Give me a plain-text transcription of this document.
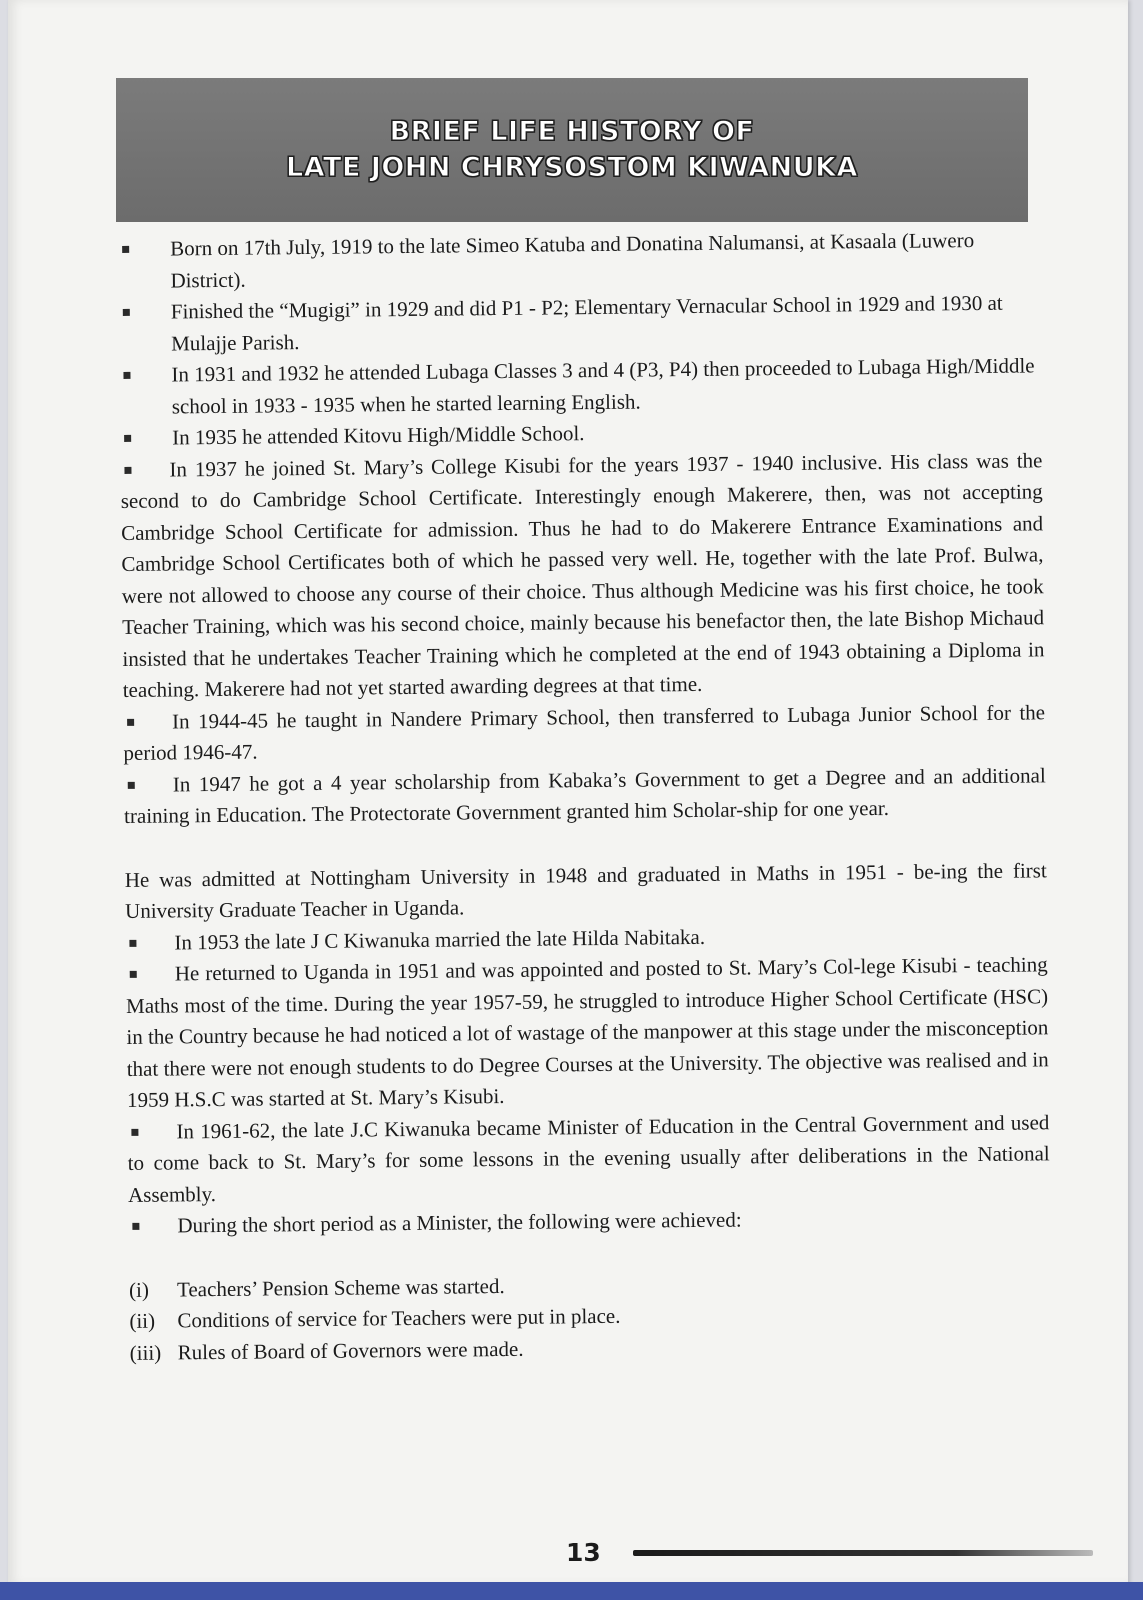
BRIEF LIFE HISTORY OF
LATE JOHN CHRYSOSTOM KIWANUKA

Born on 17th July, 1919 to the late Simeo Katuba and Donatina Nalumansi, at Kasaala (Luwero District).

Finished the “Mugigi” in 1929 and did P1 - P2; Elementary Vernacular School in 1929 and 1930 at Mulajje Parish.

In 1931 and 1932 he attended Lubaga Classes 3 and 4 (P3, P4) then proceeded to Lubaga High/Middle school in 1933 - 1935 when he started learning English.

In 1935 he attended Kitovu High/Middle School.

In 1937 he joined St. Mary’s College Kisubi for the years 1937 - 1940 inclusive. His class was the second to do Cambridge School Certificate. Interestingly enough Makerere, then, was not accepting Cambridge School Certificate for admission. Thus he had to do Makerere Entrance Examinations and Cambridge School Certificates both of which he passed very well. He, together with the late Prof. Bulwa, were not allowed to choose any course of their choice. Thus although Medicine was his first choice, he took Teacher Training, which was his second choice, mainly because his benefactor then, the late Bishop Michaud insisted that he undertakes Teacher Training which he completed at the end of 1943 obtaining a Diploma in teaching. Makerere had not yet started awarding degrees at that time.

In 1944-45 he taught in Nandere Primary School, then transferred to Lubaga Junior School for the period 1946-47.

In 1947 he got a 4 year scholarship from Kabaka’s Government to get a Degree and an additional training in Education. The Protectorate Government granted him Scholar-ship for one year.

He was admitted at Nottingham University in 1948 and graduated in Maths in 1951 - be-ing the first University Graduate Teacher in Uganda.

In 1953 the late J C Kiwanuka married the late Hilda Nabitaka.

He returned to Uganda in 1951 and was appointed and posted to St. Mary’s Col-lege Kisubi - teaching Maths most of the time. During the year 1957-59, he struggled to introduce Higher School Certificate (HSC) in the Country because he had noticed a lot of wastage of the manpower at this stage under the misconception that there were not enough students to do Degree Courses at the University. The objective was realised and in 1959 H.S.C was started at St. Mary’s Kisubi.

In 1961-62, the late J.C Kiwanuka became Minister of Education in the Central Government and used to come back to St. Mary’s for some lessons in the evening usually after deliberations in the National Assembly.

During the short period as a Minister, the following were achieved:

(i)	Teachers’ Pension Scheme was started.
(ii)	Conditions of service for Teachers were put in place.
(iii) Rules of Board of Governors were made.
13
